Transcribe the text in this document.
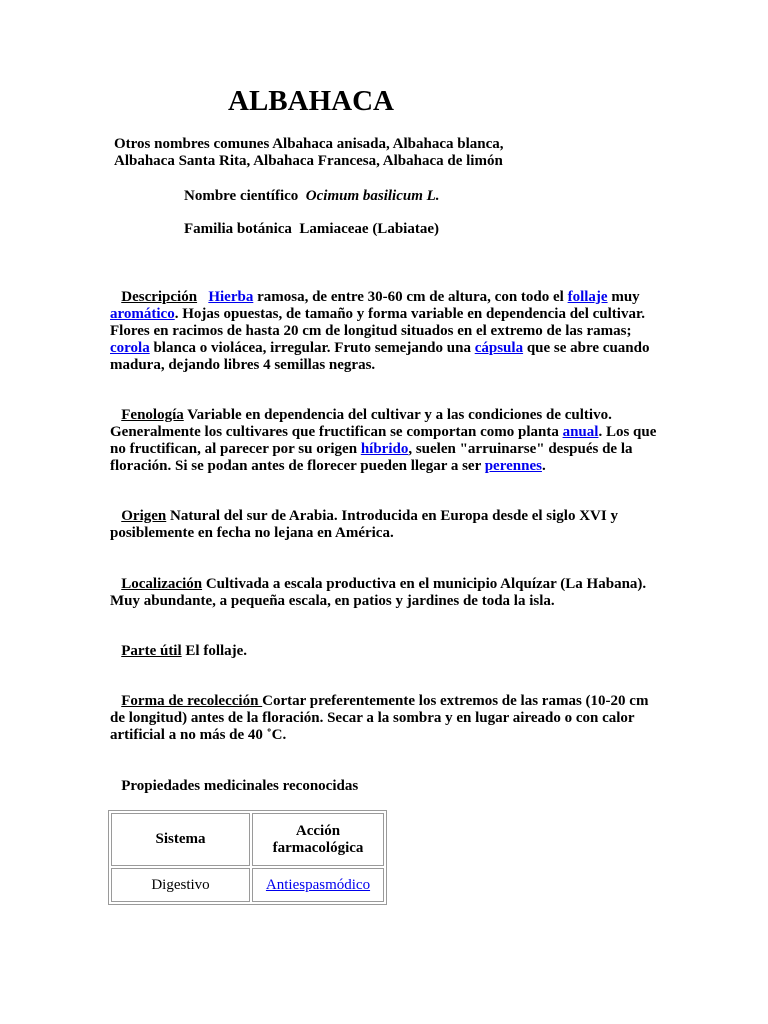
ALBAHACA

Otros nombres comunes Albahaca anisada, Albahaca blanca, Albahaca Santa Rita, Albahaca Francesa, Albahaca de limón

Nombre científico Ocimum basilicum L.

Familia botánica Lamiaceae (Labiatae)

Descripción Hierba ramosa, de entre 30-60 cm de altura, con todo el follaje muy aromático. Hojas opuestas, de tamaño y forma variable en dependencia del cultivar. Flores en racimos de hasta 20 cm de longitud situados en el extremo de las ramas; corola blanca o violácea, irregular. Fruto semejando una cápsula que se abre cuando madura, dejando libres 4 semillas negras.

Fenología Variable en dependencia del cultivar y a las condiciones de cultivo. Generalmente los cultivares que fructifican se comportan como planta anual. Los que no fructifican, al parecer por su origen híbrido, suelen "arruinarse" después de la floración. Si se podan antes de florecer pueden llegar a ser perennes.

Origen Natural del sur de Arabia. Introducida en Europa desde el siglo XVI y posiblemente en fecha no lejana en América.

Localización Cultivada a escala productiva en el municipio Alquízar (La Habana). Muy abundante, a pequeña escala, en patios y jardines de toda la isla.

Parte útil El follaje.

Forma de recolección Cortar preferentemente los extremos de las ramas (10-20 cm de longitud) antes de la floración. Secar a la sombra y en lugar aireado o con calor artificial a no más de 40 ˚C.

Propiedades medicinales reconocidas

Sistema	Acción farmacológica
Digestivo	Antiespasmódico
